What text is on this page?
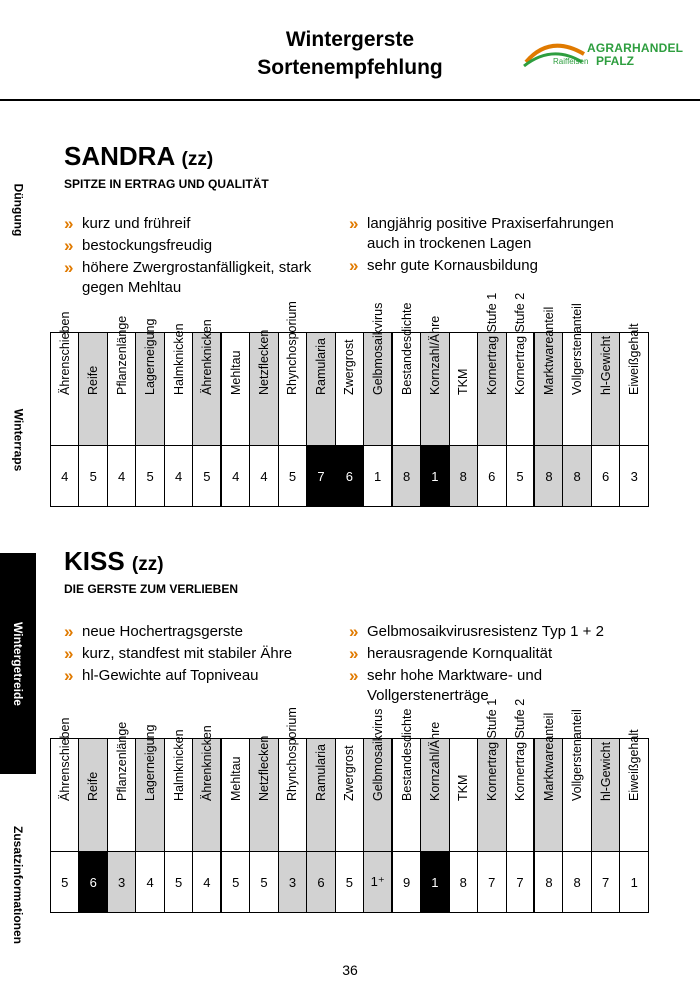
Wintergerste
Sortenempfehlung
AGRARHANDEL
Raiffeisen PFALZ
Düngung
Winterraps
Wintergetreide
Zusatzinformationen
SANDRA (zz)
SPITZE IN ERTRAG UND QUALITÄT
» kurz und frühreif
» bestockungsfreudig
» höhere Zwergrostanfälligkeit, stark gegen Mehltau
» langjährig positive Praxiserfahrungen auch in trockenen Lagen
» sehr gute Kornausbildung
Ährenschieben	Reife	Pflanzenlänge	Lagerneigung	Halmknicken	Ährenknicken	Mehltau	Netzflecken	Rhynchosporium	Ramularia	Zwergrost	Gelbmosaikvirus	Bestandesdichte	Kornzahl/Ähre	TKM	Kornertrag Stufe 1	Kornertrag Stufe 2	Marktwareanteil	Vollgerstenanteil	hl-Gewicht	Eiweißgehalt

4	5	4	5	4	5	4	4	5	7	6	1	8	1	8	6	5	8	8	6	3
KISS (zz)
DIE GERSTE ZUM VERLIEBEN
» neue Hochertragsgerste
» kurz, standfest mit stabiler Ähre
» hl-Gewichte auf Topniveau
» Gelbmosaikvirusresistenz Typ 1 + 2
» herausragende Kornqualität
» sehr hohe Marktware- und Vollgerstenerträge
Ährenschieben	Reife	Pflanzenlänge	Lagerneigung	Halmknicken	Ährenknicken	Mehltau	Netzflecken	Rhynchosporium	Ramularia	Zwergrost	Gelbmosaikvirus	Bestandesdichte	Kornzahl/Ähre	TKM	Kornertrag Stufe 1	Kornertrag Stufe 2	Marktwareanteil	Vollgerstenanteil	hl-Gewicht	Eiweißgehalt

5	6	3	4	5	4	5	5	3	6	5	1⁺	9	1	8	7	7	8	8	7	1
36
